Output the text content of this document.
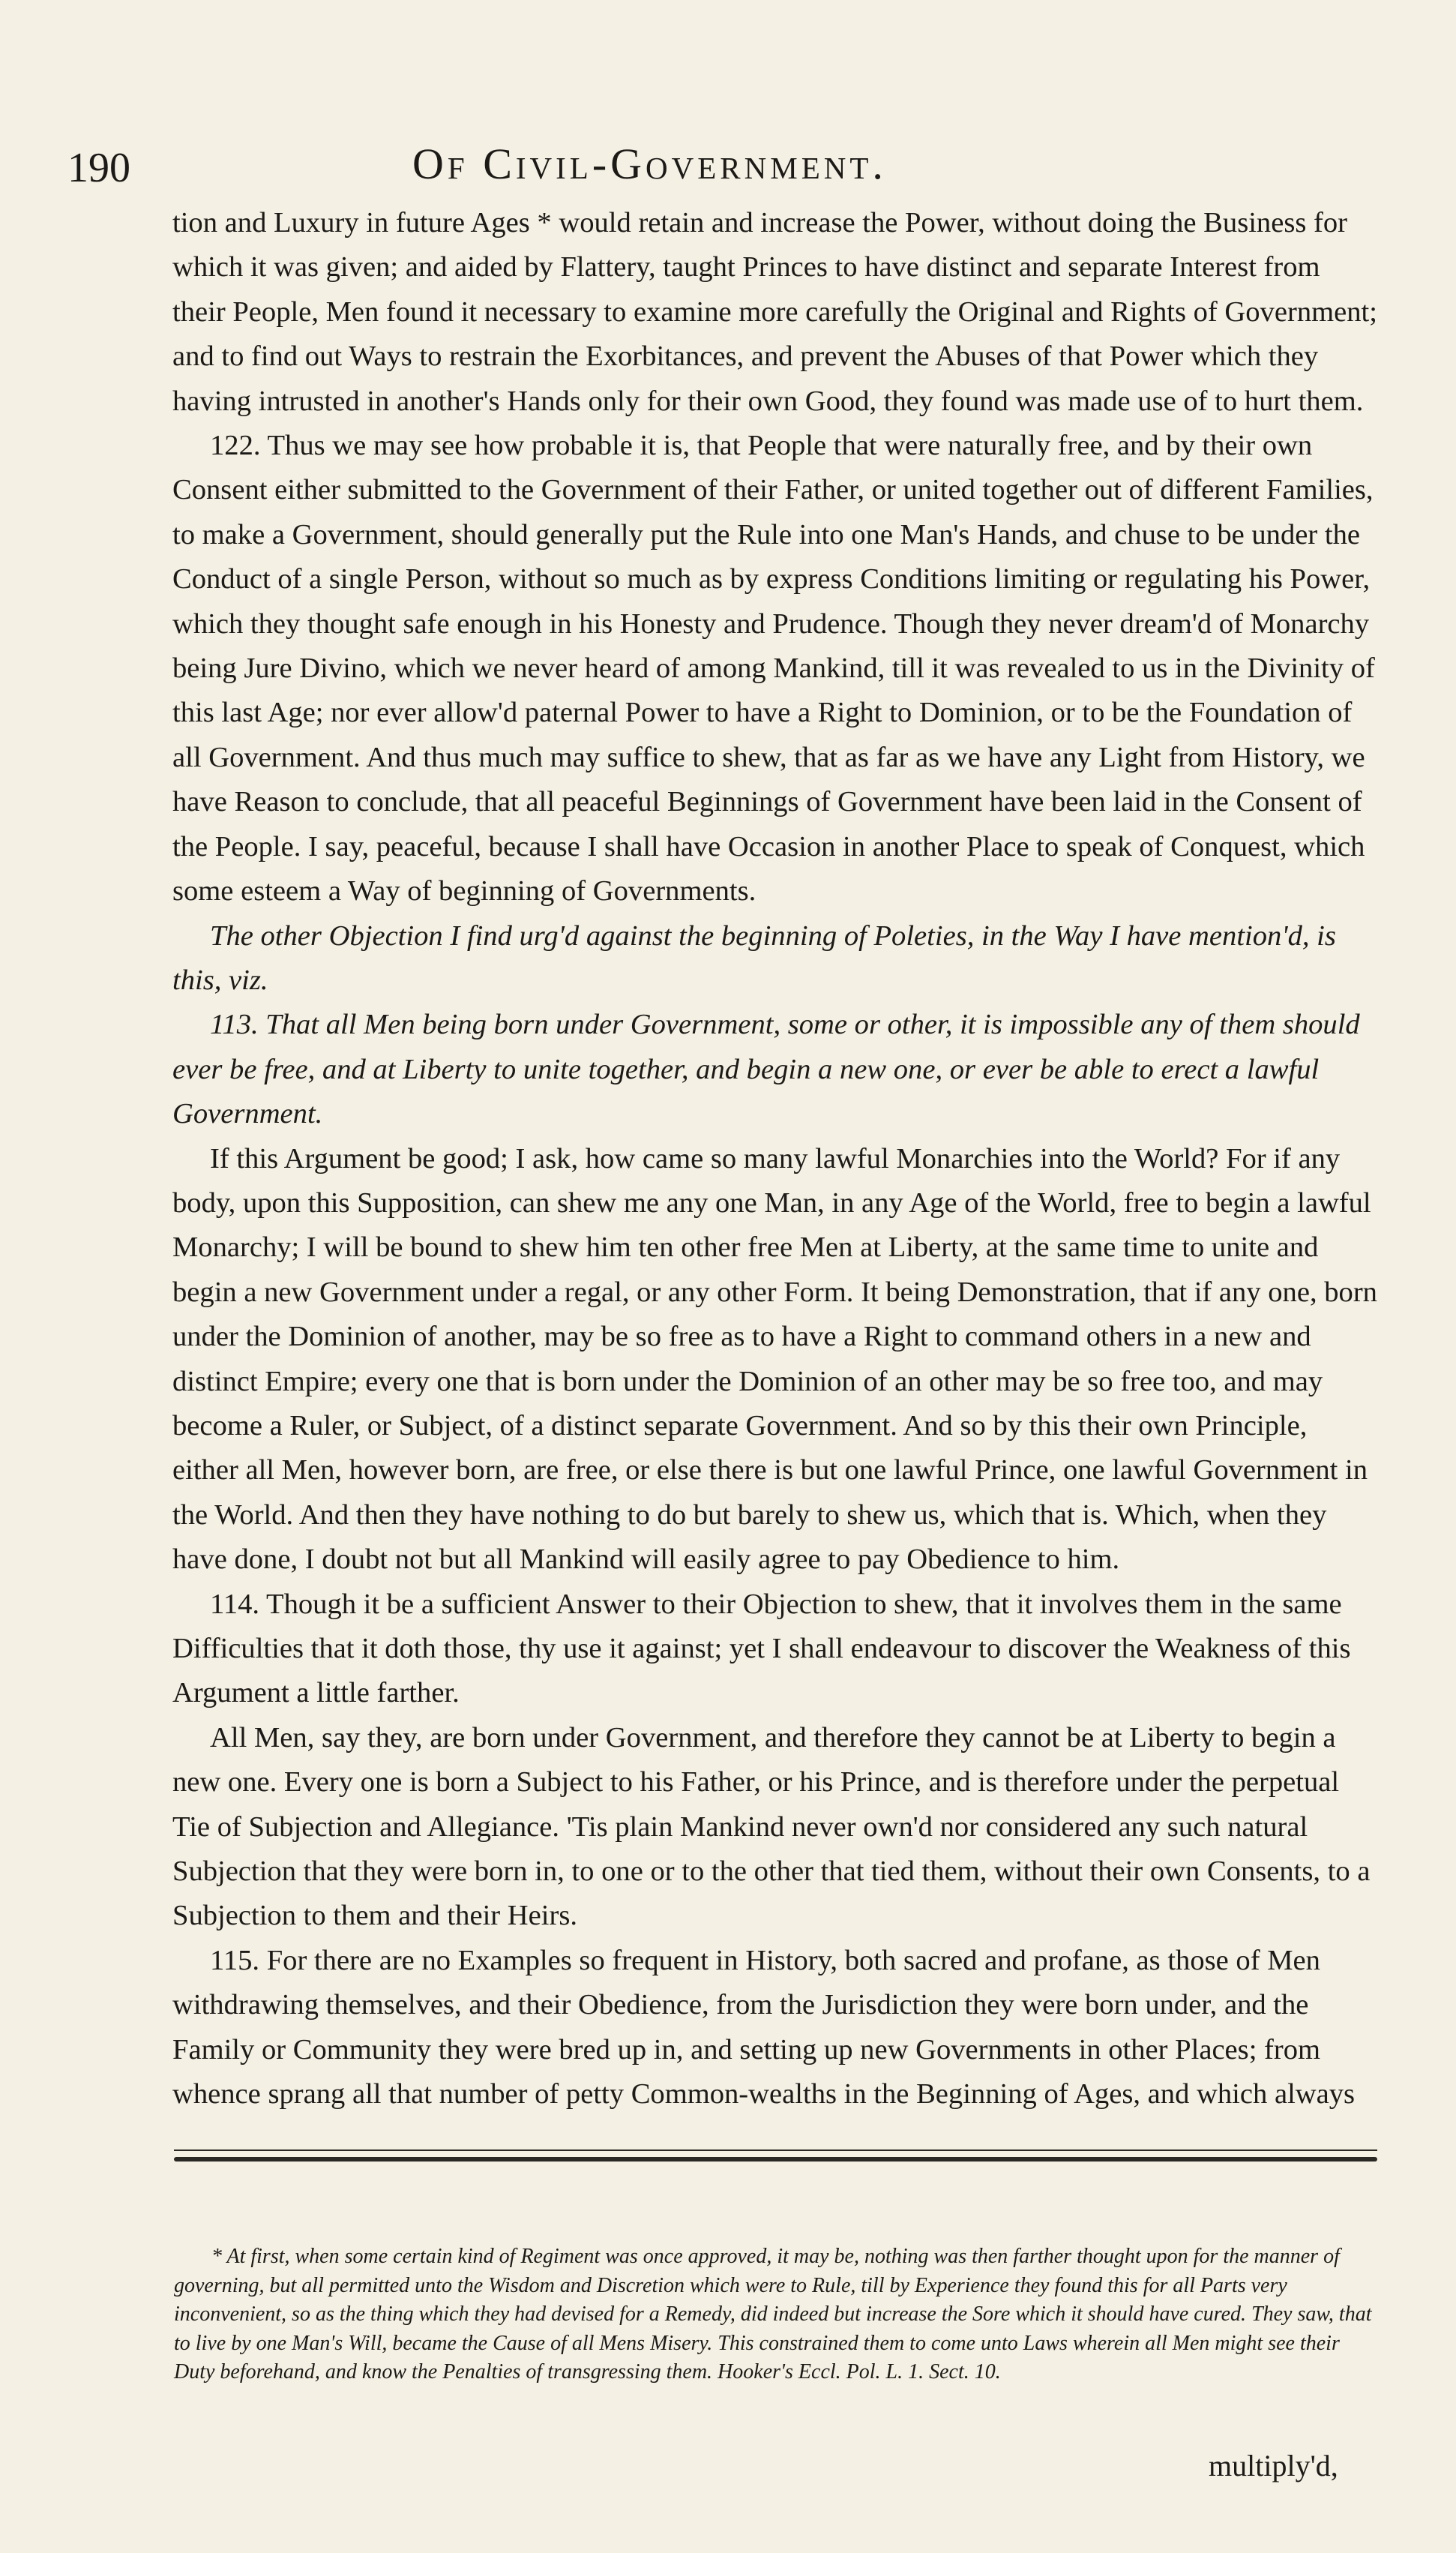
190	Of Civil-Government.

tion and Luxury in future Ages * would retain and increase the Power, without doing the Business for which it was given; and aided by Flattery, taught Princes to have distinct and separate Interest from their People, Men found it necessary to examine more carefully the Original and Rights of Government; and to find out Ways to restrain the Exorbitances, and prevent the Abuses of that Power which they having intrusted in another's Hands only for their own Good, they found was made use of to hurt them.

122. Thus we may see how probable it is, that People that were naturally free, and by their own Consent either submitted to the Government of their Father, or united together out of different Families, to make a Government, should generally put the Rule into one Man's Hands, and chuse to be under the Conduct of a single Person, without so much as by express Conditions limiting or regulating his Power, which they thought safe enough in his Honesty and Prudence. Though they never dream'd of Monarchy being Jure Divino, which we never heard of among Mankind, till it was revealed to us in the Divinity of this last Age; nor ever allow'd paternal Power to have a Right to Dominion, or to be the Foundation of all Government. And thus much may suffice to shew, that as far as we have any Light from History, we have Reason to conclude, that all peaceful Beginnings of Government have been laid in the Consent of the People. I say, peaceful, because I shall have Occasion in another Place to speak of Conquest, which some esteem a Way of beginning of Governments.

The other Objection I find urg'd against the beginning of Poleties, in the Way I have mention'd, is this, viz.

113. That all Men being born under Government, some or other, it is impossible any of them should ever be free, and at Liberty to unite together, and begin a new one, or ever be able to erect a lawful Government.

If this Argument be good; I ask, how came so many lawful Monarchies into the World? For if any body, upon this Supposition, can shew me any one Man, in any Age of the World, free to begin a lawful Monarchy; I will be bound to shew him ten other free Men at Liberty, at the same time to unite and begin a new Government under a regal, or any other Form. It being Demonstration, that if any one, born under the Dominion of another, may be so free as to have a Right to command others in a new and distinct Empire; every one that is born under the Dominion of an other may be so free too, and may become a Ruler, or Subject, of a distinct separate Government. And so by this their own Principle, either all Men, however born, are free, or else there is but one lawful Prince, one lawful Government in the World. And then they have nothing to do but barely to shew us, which that is. Which, when they have done, I doubt not but all Mankind will easily agree to pay Obedience to him.

114. Though it be a sufficient Answer to their Objection to shew, that it involves them in the same Difficulties that it doth those, thy use it against; yet I shall endeavour to discover the Weakness of this Argument a little farther.

All Men, say they, are born under Government, and therefore they cannot be at Liberty to begin a new one. Every one is born a Subject to his Father, or his Prince, and is therefore under the perpetual Tie of Subjection and Allegiance. 'Tis plain Mankind never own'd nor considered any such natural Subjection that they were born in, to one or to the other that tied them, without their own Consents, to a Subjection to them and their Heirs.

115. For there are no Examples so frequent in History, both sacred and profane, as those of Men withdrawing themselves, and their Obedience, from the Jurisdiction they were born under, and the Family or Community they were bred up in, and setting up new Governments in other Places; from whence sprang all that number of petty Common-wealths in the Beginning of Ages, and which always

* At first, when some certain kind of Regiment was once approved, it may be, nothing was then farther thought upon for the manner of governing, but all permitted unto the Wisdom and Discretion which were to Rule, till by Experience they found this for all Parts very inconvenient, so as the thing which they had devised for a Remedy, did indeed but increase the Sore which it should have cured. They saw, that to live by one Man's Will, became the Cause of all Mens Misery. This constrained them to come unto Laws wherein all Men might see their Duty beforehand, and know the Penalties of transgressing them. Hooker's Eccl. Pol. L. 1. Sect. 10.

multiply'd,
